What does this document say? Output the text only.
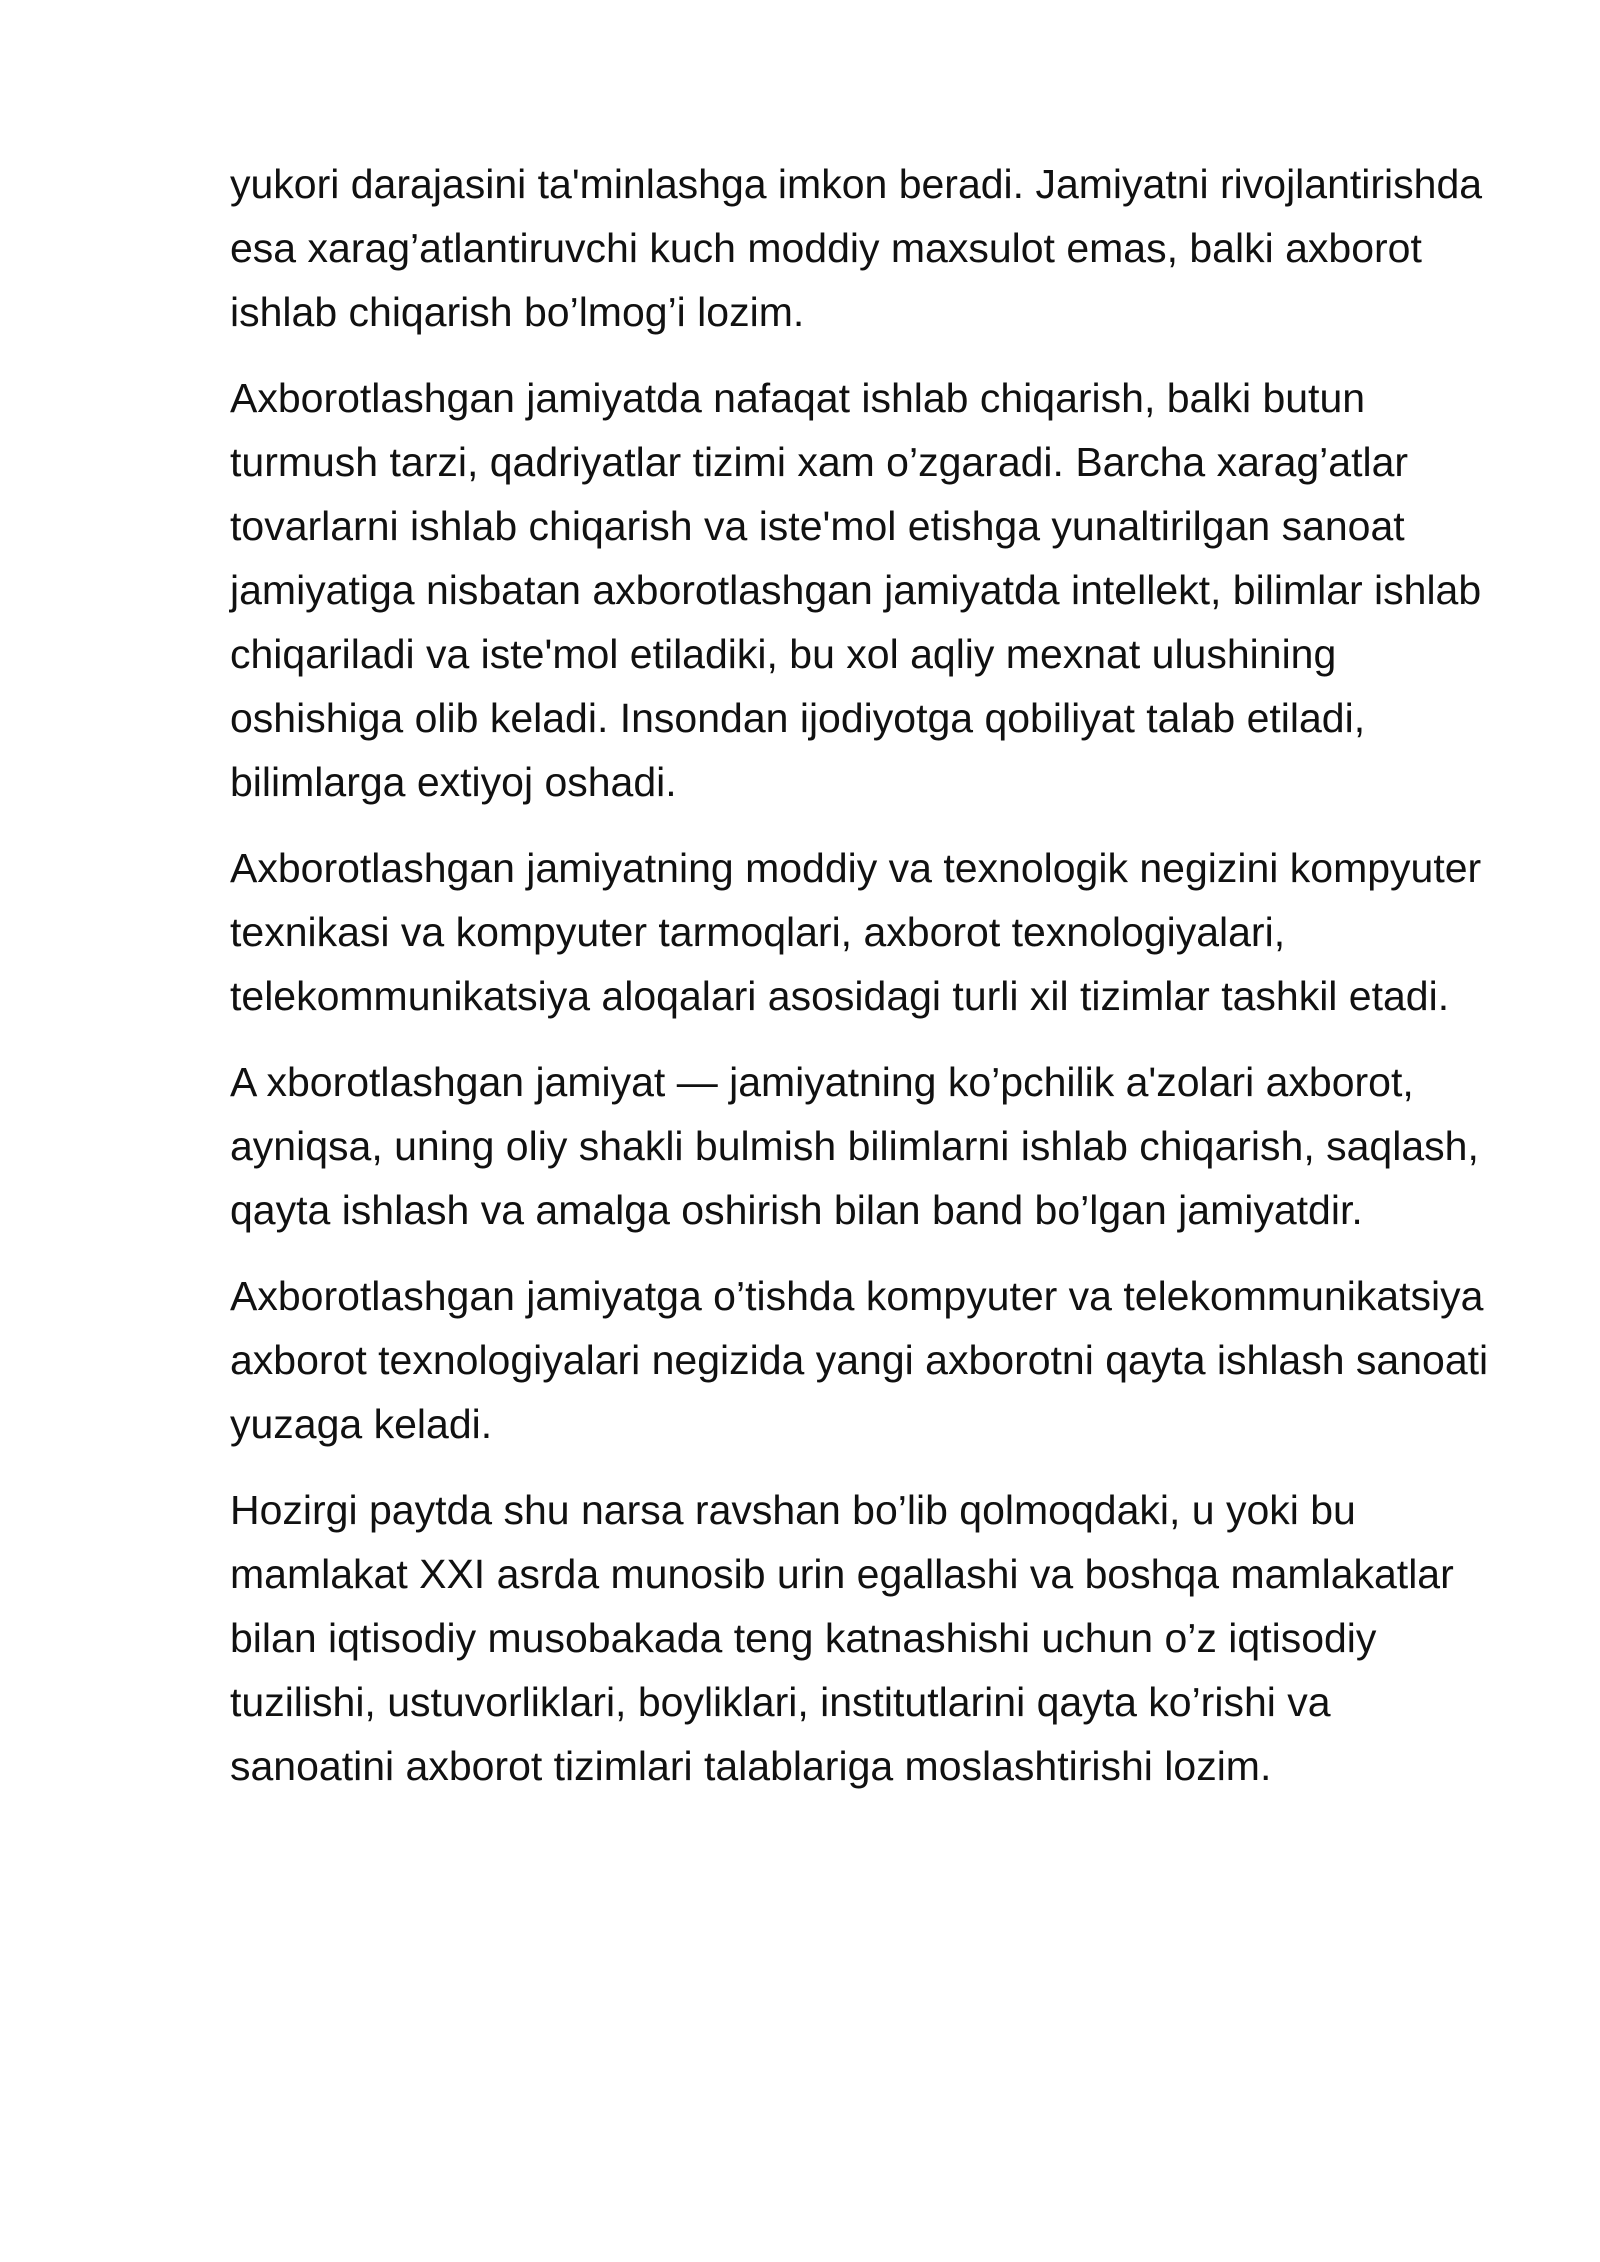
yukori darajasini ta'minlashga imkon beradi. Jamiyatni rivojlantirishda esa xarag’atlantiruvchi kuch moddiy maxsulot emas, balki axborot ishlab chiqarish bo’lmog’i lozim.

Axborotlashgan jamiyatda nafaqat ishlab chiqarish, balki butun turmush tarzi, qadriyatlar tizimi xam o’zgaradi. Barcha xarag’atlar tovarlarni ishlab chiqarish va iste'mol etishga yunaltirilgan sanoat jamiyatiga nisbatan axborotlashgan jamiyatda intellekt, bilimlar ishlab chiqariladi va iste'mol etiladiki, bu xol aqliy mexnat ulushining oshishiga olib keladi. Insondan ijodiyotga qobiliyat talab etiladi, bilimlarga extiyoj oshadi.

Axborotlashgan jamiyatning moddiy va texnologik negizini kompyuter texnikasi va kompyuter tarmoqlari, axborot texnologiyalari, telekommunikatsiya aloqalari asosidagi turli xil tizimlar tashkil etadi.

A xborotlashgan jamiyat — jamiyatning ko’pchilik a'zolari axborot, ayniqsa, uning oliy shakli bulmish bilimlarni ishlab chiqarish, saqlash, qayta ishlash va amalga oshirish bilan band bo’lgan jamiyatdir.

Axborotlashgan jamiyatga o’tishda kompyuter va telekommunikatsiya axborot texnologiyalari negizida yangi axborotni qayta ishlash sanoati yuzaga keladi.

Hozirgi paytda shu narsa ravshan bo’lib qolmoqdaki, u yoki bu mamlakat XXI asrda munosib urin egallashi va boshqa mamlakatlar bilan iqtisodiy musobakada teng katnashishi uchun o’z iqtisodiy tuzilishi, ustuvorliklari, boyliklari, institutlarini qayta ko’rishi va sanoatini axborot tizimlari talablariga moslashtirishi lozim.
